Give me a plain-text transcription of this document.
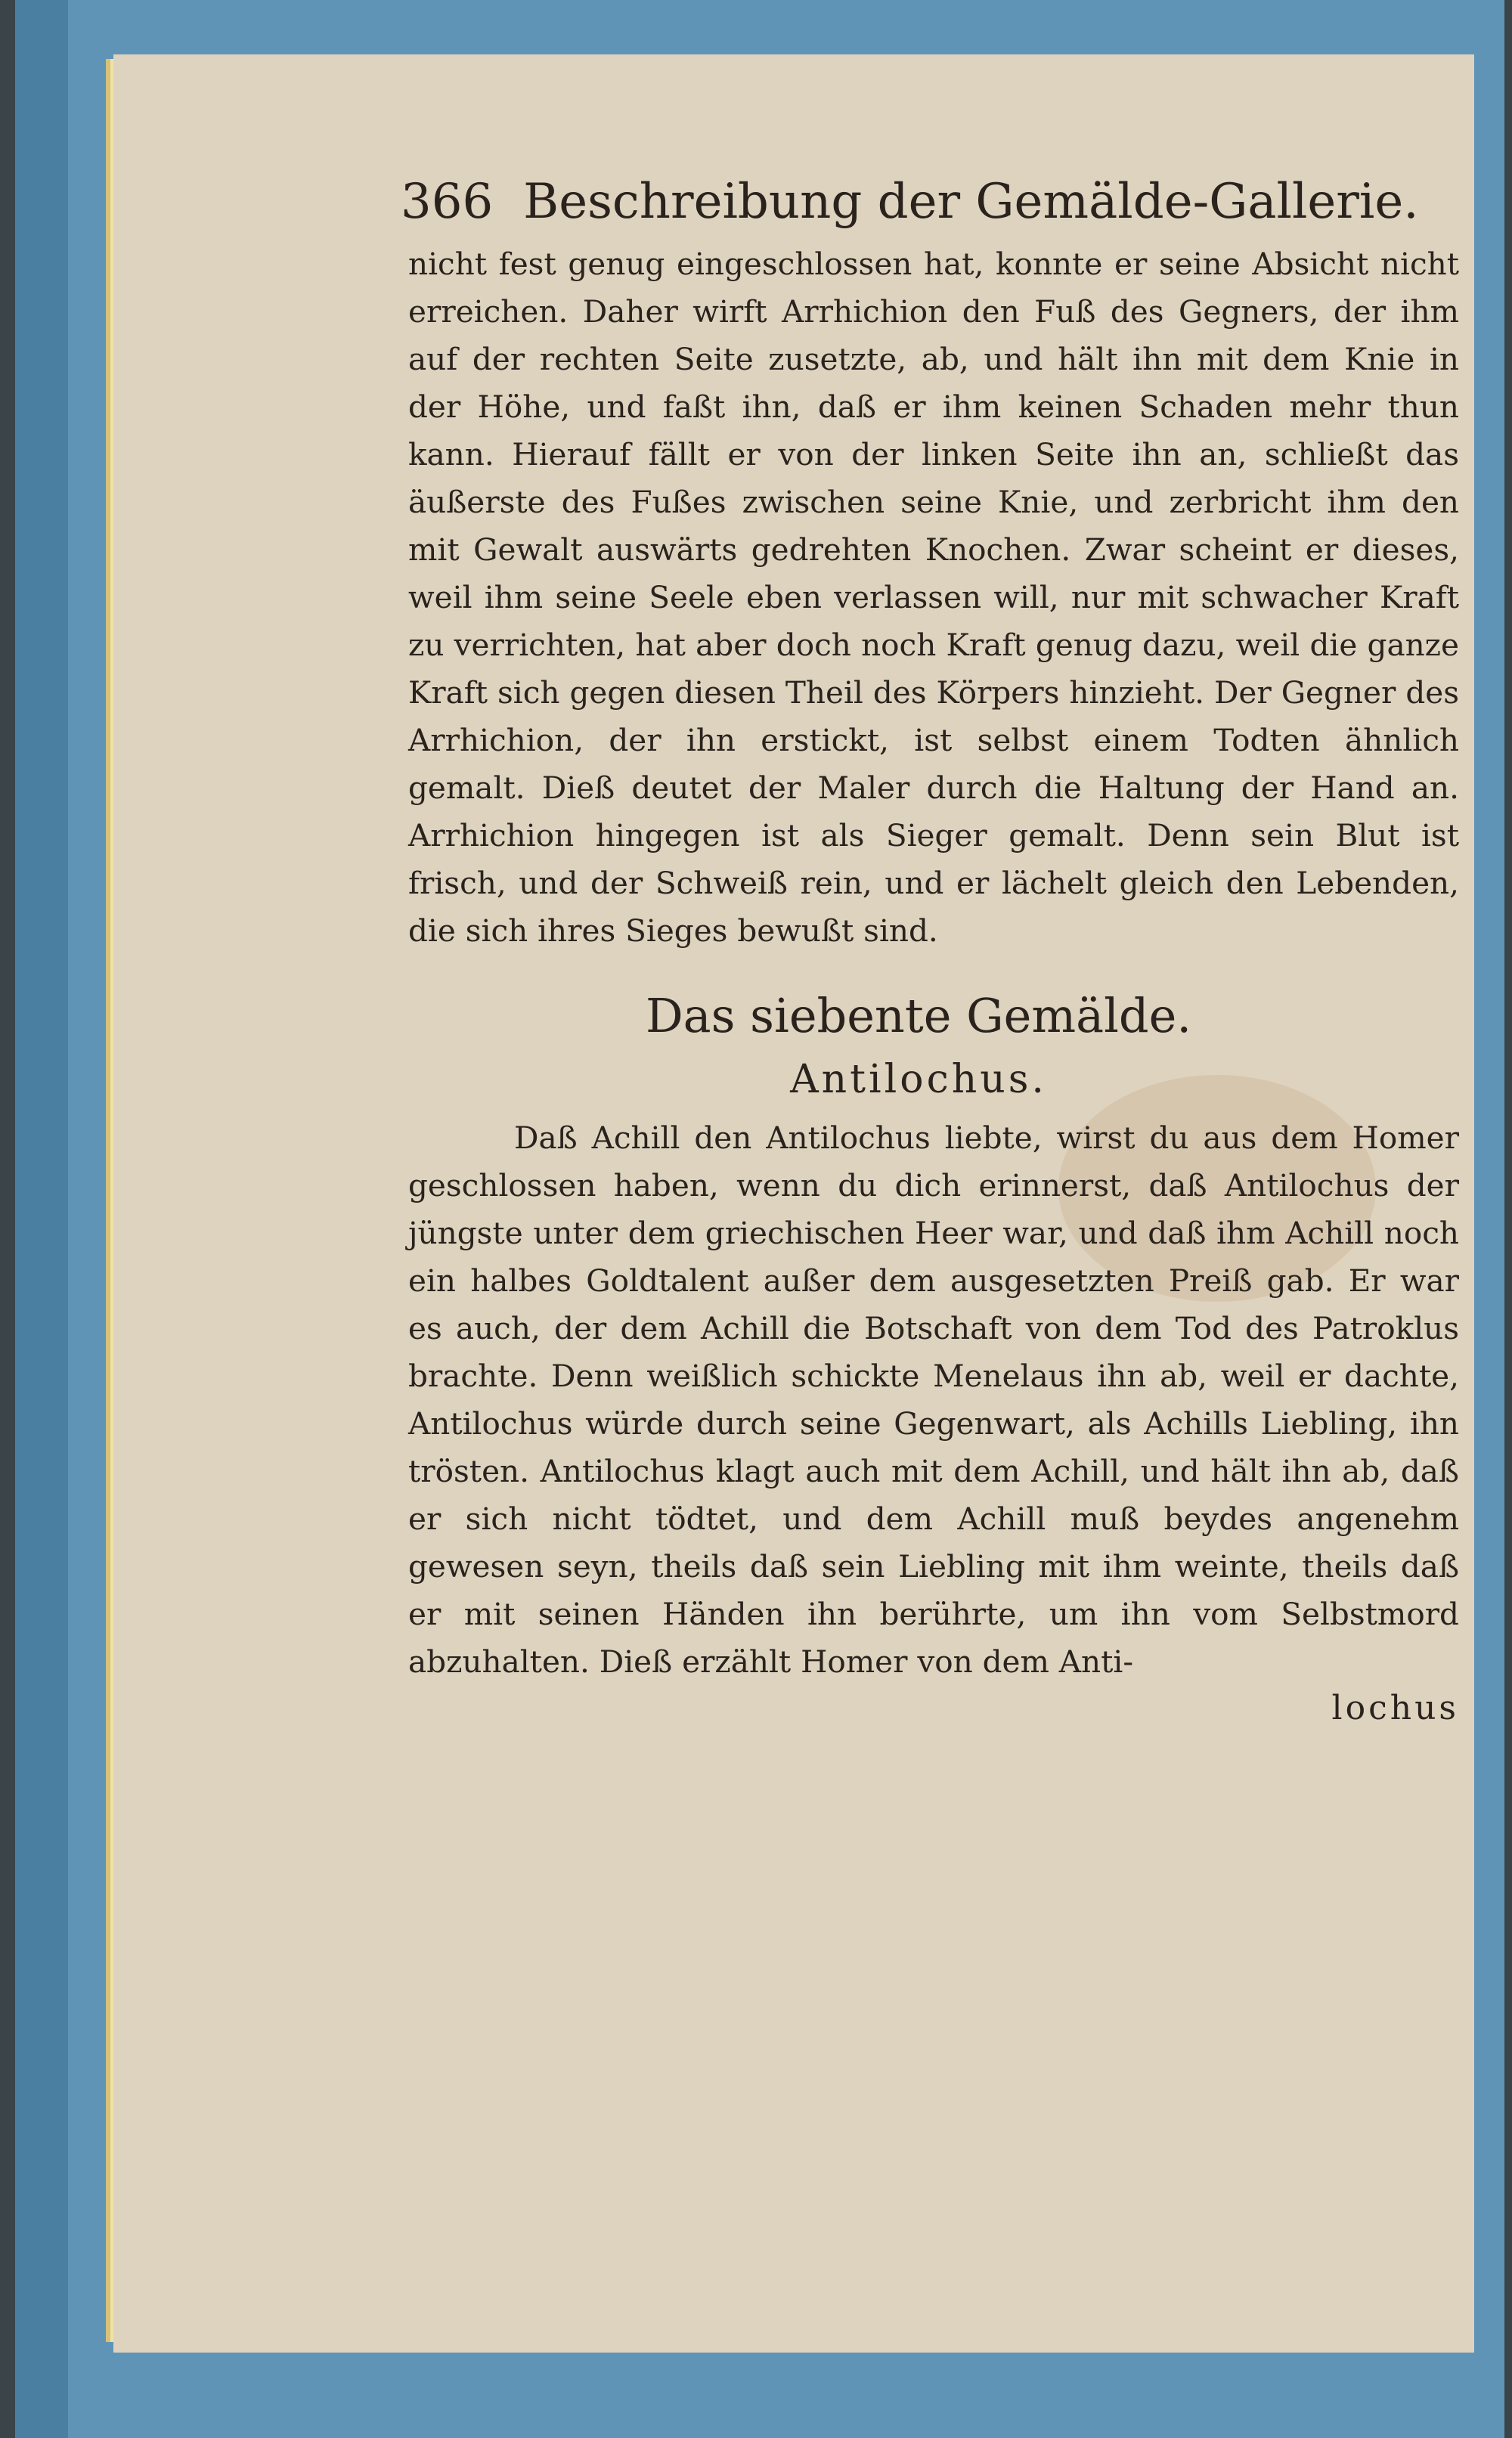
366 Beschreibung der Gemälde-Gallerie.

nicht fest genug eingeschlossen hat, konnte er seine Absicht nicht erreichen. Daher wirft Arrhichion den Fuß des Gegners, der ihm auf der rechten Seite zusetzte, ab, und hält ihn mit dem Knie in der Höhe, und faßt ihn, daß er ihm keinen Schaden mehr thun kann. Hierauf fällt er von der linken Seite ihn an, schließt das äußerste des Fußes zwischen seine Knie, und zerbricht ihm den mit Gewalt auswärts gedrehten Knochen. Zwar scheint er dieses, weil ihm seine Seele eben verlassen will, nur mit schwacher Kraft zu verrichten, hat aber doch noch Kraft genug dazu, weil die ganze Kraft sich gegen diesen Theil des Körpers hinzieht. Der Gegner des Arrhichion, der ihn erstickt, ist selbst einem Todten ähnlich gemalt. Dieß deutet der Maler durch die Haltung der Hand an. Arrhichion hingegen ist als Sieger gemalt. Denn sein Blut ist frisch, und der Schweiß rein, und er lächelt gleich den Lebenden, die sich ihres Sieges bewußt sind.

Das siebente Gemälde.
Antilochus.

Daß Achill den Antilochus liebte, wirst du aus dem Homer geschlossen haben, wenn du dich erinnerst, daß Antilochus der jüngste unter dem griechischen Heer war, und daß ihm Achill noch ein halbes Goldtalent außer dem ausgesetzten Preiß gab. Er war es auch, der dem Achill die Botschaft von dem Tod des Patroklus brachte. Denn weißlich schickte Menelaus ihn ab, weil er dachte, Antilochus würde durch seine Gegenwart, als Achills Liebling, ihn trösten. Antilochus klagt auch mit dem Achill, und hält ihn ab, daß er sich nicht tödtet, und dem Achill muß beydes angenehm gewesen seyn, theils daß sein Liebling mit ihm weinte, theils daß er mit seinen Händen ihn berührte, um ihn vom Selbstmord abzuhalten. Dieß erzählt Homer von dem Anti-

lochus
